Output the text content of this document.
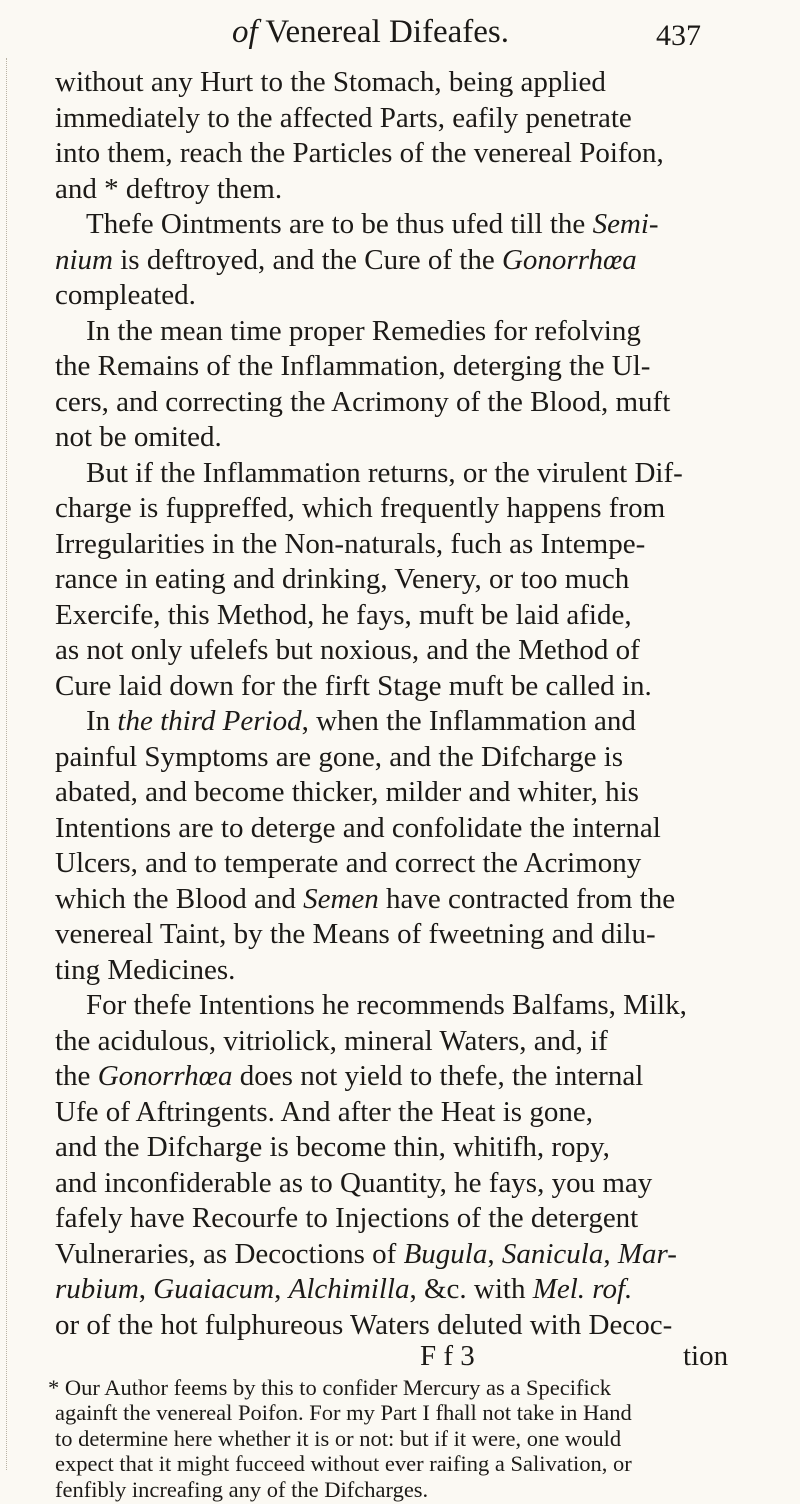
of Venereal Difeafes.	437
without any Hurt to the Stomach, being applied
immediately to the affected Parts, eafily penetrate
into them, reach the Particles of the venereal Poifon,
and * deftroy them.
Thefe Ointments are to be thus ufed till the Semi-
nium is deftroyed, and the Cure of the Gonorrhœa
compleated.
In the mean time proper Remedies for refolving
the Remains of the Inflammation, deterging the Ul-
cers, and correcting the Acrimony of the Blood, muft
not be omited.
But if the Inflammation returns, or the virulent Dif-
charge is fuppreffed, which frequently happens from
Irregularities in the Non-naturals, fuch as Intempe-
rance in eating and drinking, Venery, or too much
Exercife, this Method, he fays, muft be laid afide,
as not only ufelefs but noxious, and the Method of
Cure laid down for the firft Stage muft be called in.
In the third Period, when the Inflammation and
painful Symptoms are gone, and the Difcharge is
abated, and become thicker, milder and whiter, his
Intentions are to deterge and confolidate the internal
Ulcers, and to temperate and correct the Acrimony
which the Blood and Semen have contracted from the
venereal Taint, by the Means of fweetning and dilu-
ting Medicines.
For thefe Intentions he recommends Balfams, Milk,
the acidulous, vitriolick, mineral Waters, and, if
the Gonorrhœa does not yield to thefe, the internal
Ufe of Aftringents. And after the Heat is gone,
and the Difcharge is become thin, whitifh, ropy,
and inconfiderable as to Quantity, he fays, you may
fafely have Recourfe to Injections of the detergent
Vulneraries, as Decoctions of Bugula, Sanicula, Mar-
rubium, Guaiacum, Alchimilla, &c. with Mel. rof.
or of the hot fulphureous Waters deluted with Decoc-
F f 3	tion
* Our Author feems by this to confider Mercury as a Specifick
againft the venereal Poifon. For my Part I fhall not take in Hand
to determine here whether it is or not: but if it were, one would
expect that it might fucceed without ever raifing a Salivation, or
fenfibly increafing any of the Difcharges.
